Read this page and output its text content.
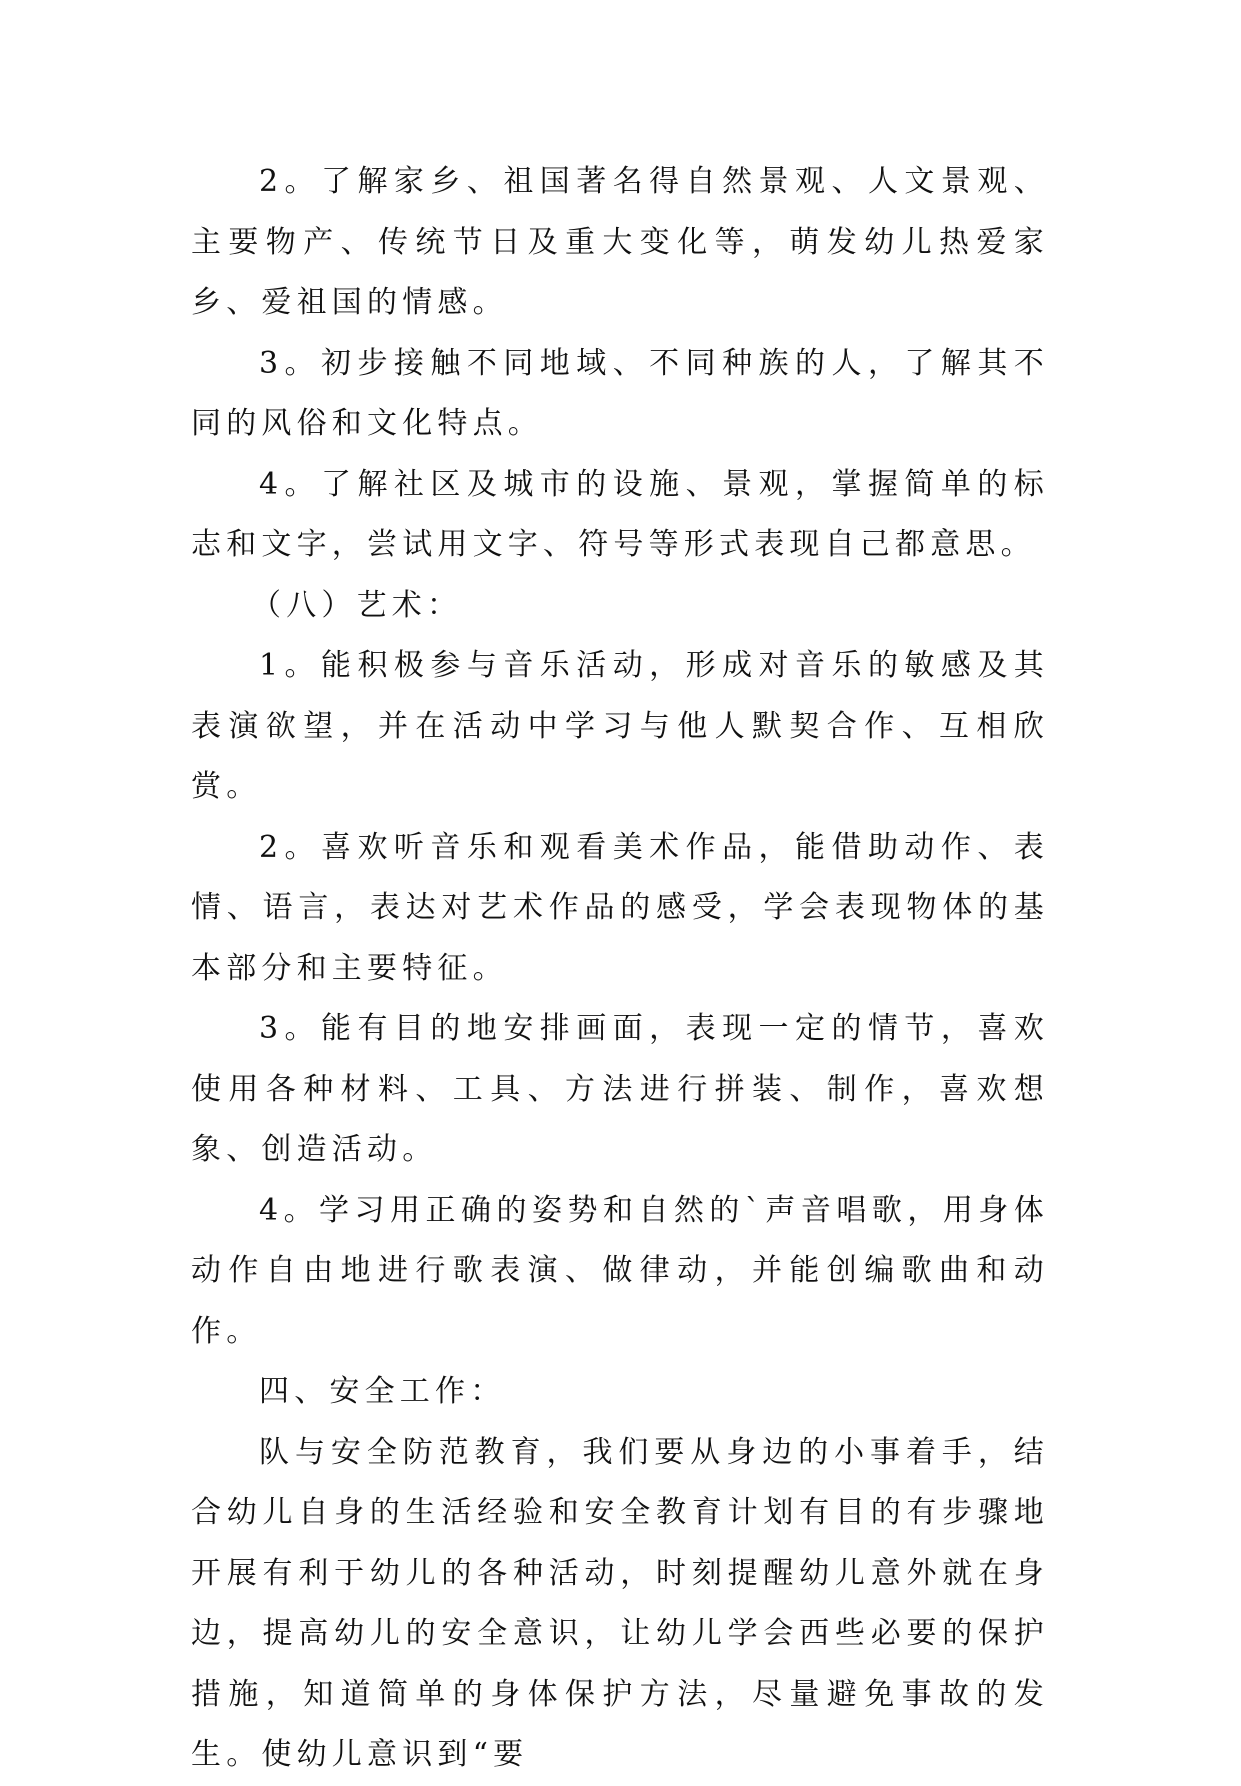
2。了解家乡、祖国著名得自然景观、人文景观、主要物产、传统节日及重大变化等，萌发幼儿热爱家乡、爱祖国的情感。

3。初步接触不同地域、不同种族的人，了解其不同的风俗和文化特点。

4。了解社区及城市的设施、景观，掌握简单的标志和文字，尝试用文字、符号等形式表现自己都意思。

（八）艺术：

1。能积极参与音乐活动，形成对音乐的敏感及其表演欲望，并在活动中学习与他人默契合作、互相欣赏。

2。喜欢听音乐和观看美术作品，能借助动作、表情、语言，表达对艺术作品的感受，学会表现物体的基本部分和主要特征。

3。能有目的地安排画面，表现一定的情节，喜欢使用各种材料、工具、方法进行拼装、制作，喜欢想象、创造活动。

4。学习用正确的姿势和自然的`声音唱歌，用身体动作自由地进行歌表演、做律动，并能创编歌曲和动作。

四、安全工作：

队与安全防范教育，我们要从身边的小事着手，结合幼儿自身的生活经验和安全教育计划有目的有步骤地开展有利于幼儿的各种活动，时刻提醒幼儿意外就在身边，提高幼儿的安全意识，让幼儿学会西些必要的保护措施，知道简单的身体保护方法，尽量避免事故的发生。使幼儿意识到“要
